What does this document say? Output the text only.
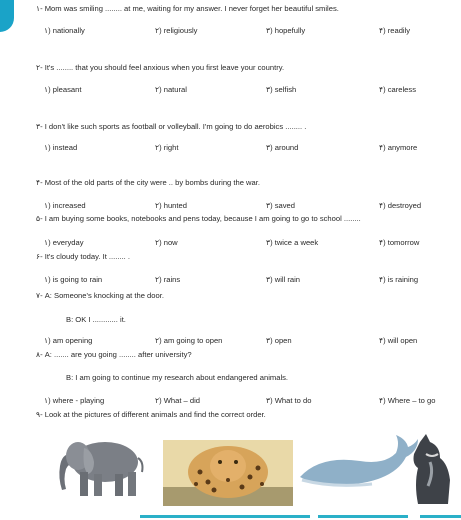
۱- Mom was smiling ........ at me, waiting for my answer. I never forget her beautiful smiles.
۱) nationally	۲) religiously	۳) hopefully	۴) readily
۲- It's ........ that you should feel anxious when you first leave your country.
۱) pleasant	۲) natural	۳) selfish	۴) careless
۳- I don't like such sports as football or volleyball. I'm going to do aerobics ........ .
۱) instead	۲) right	۳) around	۴) anymore
۴- Most of the old parts of the city were .. by bombs during the war.
۱) increased	۲) hunted	۳) saved	۴) destroyed
۵- I am buying some books, notebooks and pens today, because I am going to go to school ........
۱) everyday	۲) now	۳) twice a week	۴) tomorrow
۶- It's cloudy today. It ........ .
۱) is going to rain	۲) rains	۳) will rain	۴) is raining
۷- A: Someone's knocking at the door.
B: OK I ............ it.
۱) am opening	۲) am going to open	۳) open	۴) will open
۸- A: ....... are you going ........ after university?
B: I am going to continue my research about endangered animals.
۱) where - playing	۲) What – did	۳) What to do	۴) Where – to go
۹- Look at the pictures of different animals and find the correct order.
